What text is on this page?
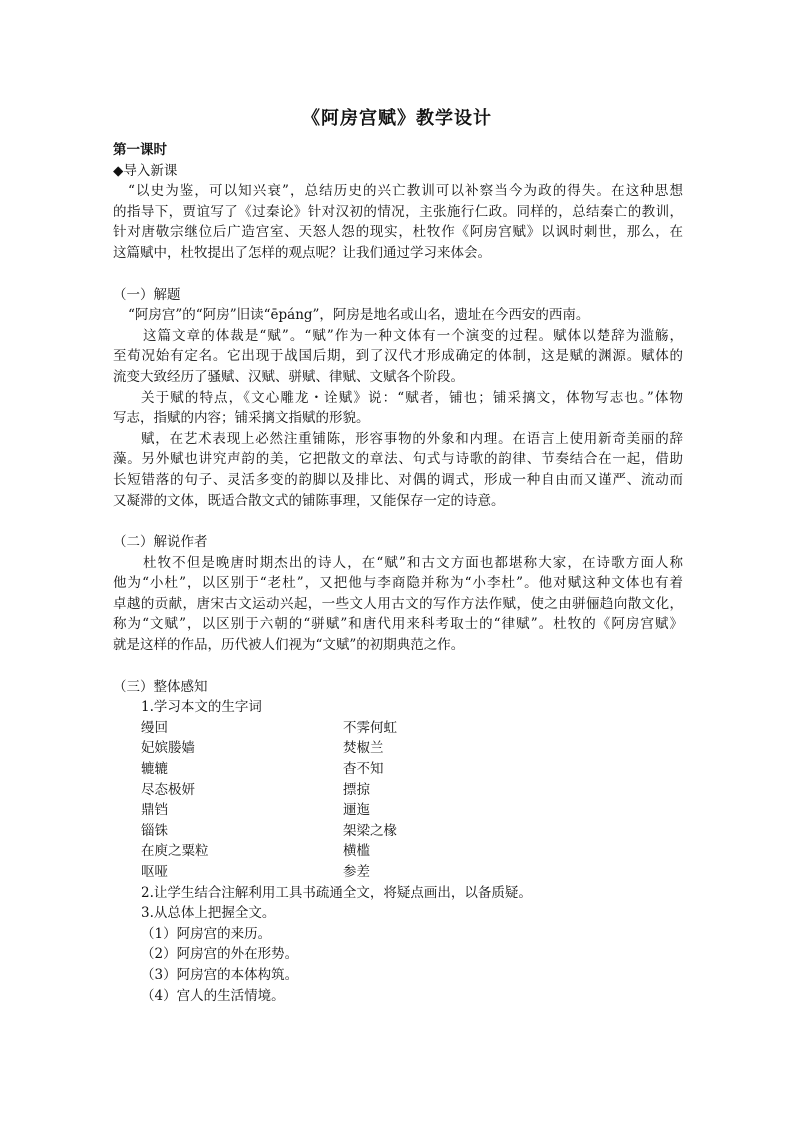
《阿房宫赋》教学设计
第一课时
◆导入新课
“以史为鉴，可以知兴衰”，总结历史的兴亡教训可以补察当今为政的得失。在这种思想
的指导下，贾谊写了《过秦论》针对汉初的情况，主张施行仁政。同样的，总结秦亡的教训，
针对唐敬宗继位后广造宫室、天怒人怨的现实，杜牧作《阿房宫赋》以讽时刺世，那么，在
这篇赋中，杜牧提出了怎样的观点呢？让我们通过学习来体会。
（一）解题
“阿房宫”的“阿房”旧读“ēpáng”，阿房是地名或山名，遗址在今西安的西南。
这篇文章的体裁是“赋”。“赋”作为一种文体有一个演变的过程。赋体以楚辞为滥觞，
至荀况始有定名。它出现于战国后期，到了汉代才形成确定的体制，这是赋的渊源。赋体的
流变大致经历了骚赋、汉赋、骈赋、律赋、文赋各个阶段。
关于赋的特点，《文心雕龙・诠赋》说：“赋者，铺也；铺采摛文，体物写志也。”体物
写志，指赋的内容；铺采摛文指赋的形貌。
赋，在艺术表现上必然注重铺陈，形容事物的外象和内理。在语言上使用新奇美丽的辞
藻。另外赋也讲究声韵的美，它把散文的章法、句式与诗歌的韵律、节奏结合在一起，借助
长短错落的句子、灵活多变的韵脚以及排比、对偶的调式，形成一种自由而又谨严、流动而
又凝滞的文体，既适合散文式的铺陈事理，又能保存一定的诗意。
（二）解说作者
杜牧不但是晚唐时期杰出的诗人，在“赋”和古文方面也都堪称大家，在诗歌方面人称
他为“小杜”，以区别于“老杜”，又把他与李商隐并称为“小李杜”。他对赋这种文体也有着
卓越的贡献，唐宋古文运动兴起，一些文人用古文的写作方法作赋，使之由骈俪趋向散文化，
称为“文赋”，以区别于六朝的“骈赋”和唐代用来科考取士的“律赋”。杜牧的《阿房宫赋》
就是这样的作品，历代被人们视为“文赋”的初期典范之作。
（三）整体感知
1.学习本文的生字词
缦回	不霁何虹
妃嫔媵嫱	焚椒兰
辘辘	杳不知
尽态极妍	摽掠
鼎铛	逦迤
锱铢	架梁之椽
在庾之粟粒	横槛
呕哑	参差
2.让学生结合注解利用工具书疏通全文，将疑点画出，以备质疑。
3.从总体上把握全文。
（1）阿房宫的来历。
（2）阿房宫的外在形势。
（3）阿房宫的本体构筑。
（4）宫人的生活情境。
